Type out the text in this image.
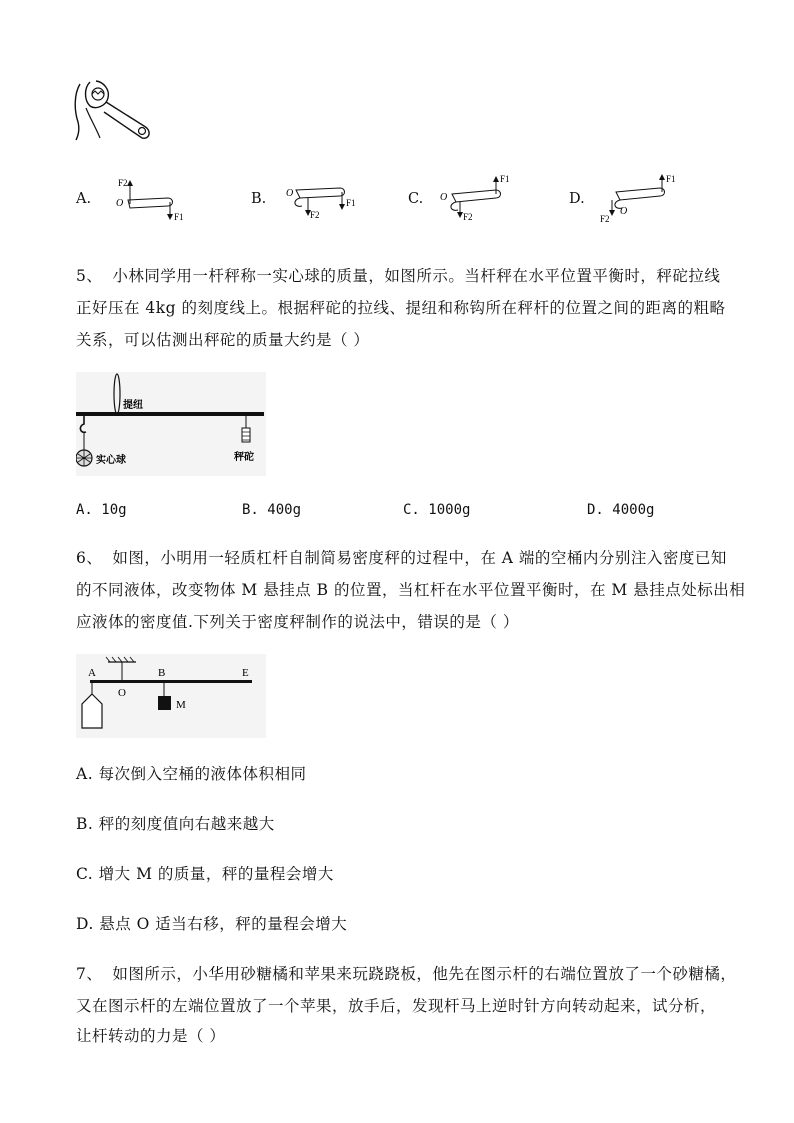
A.
F2
O
F1
B. O
F2
F1	C. O
F2
F1
D.
O
F2
F1
5、 小林同学用一杆秤称一实心球的质量，如图所示。当杆秤在水平位置平衡时，秤砣拉线
正好压在 4kg 的刻度线上。根据秤砣的拉线、提纽和称钩所在秤杆的位置之间的距离的粗略
关系，可以估测出秤砣的质量大约是（ ）
提纽
实心球	秤砣
A. 10g	B. 400g	C. 1000g	D. 4000g
6、 如图，小明用一轻质杠杆自制简易密度秤的过程中，在 A 端的空桶内分别注入密度已知
的不同液体，改变物体 M 悬挂点 B 的位置，当杠杆在水平位置平衡时，在 M 悬挂点处标出相
应液体的密度值.下列关于密度秤制作的说法中，错误的是（ ）
A	B	E
O
M
A. 每次倒入空桶的液体体积相同
B. 秤的刻度值向右越来越大
C. 增大 M 的质量，秤的量程会增大
D. 悬点 O 适当右移，秤的量程会增大
7、 如图所示，小华用砂糖橘和苹果来玩跷跷板，他先在图示杆的右端位置放了一个砂糖橘，
又在图示杆的左端位置放了一个苹果，放手后，发现杆马上逆时针方向转动起来，试分析，
让杆转动的力是（ ）
